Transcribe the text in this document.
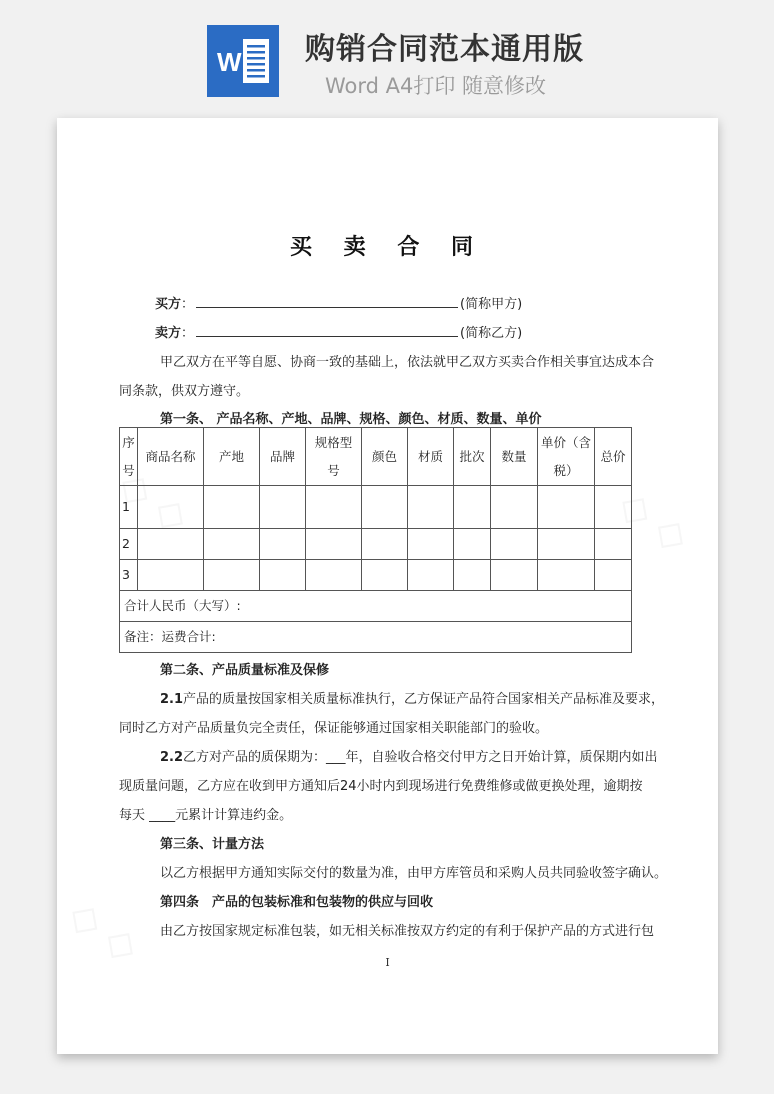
W 购销合同范本通用版
Word A4打印 随意修改
买 卖 合 同
买方：	(简称甲方)
卖方：	(简称乙方)
甲乙双方在平等自愿、协商一致的基础上，依法就甲乙双方买卖合作相关事宜达成本合
同条款，供双方遵守。
第一条、 产品名称、产地、品牌、规格、颜色、材质、数量、单价
序号	商品名称	产地	品牌	规格型号	颜色	材质	批次	数量	单价（含税）	总价
1										
2										
3										
合计人民币（大写）:										
备注：运费合计:										
第二条、产品质量标准及保修
2.1产品的质量按国家相关质量标准执行，乙方保证产品符合国家相关产品标准及要求，
同时乙方对产品质量负完全责任，保证能够通过国家相关职能部门的验收。
2.2乙方对产品的质保期为：___年，自验收合格交付甲方之日开始计算，质保期内如出
现质量问题，乙方应在收到甲方通知后24小时内到现场进行免费维修或做更换处理，逾期按
每天 ____元累计计算违约金。
第三条、计量方法
以乙方根据甲方通知实际交付的数量为准，由甲方库管员和采购人员共同验收签字确认。
第四条　产品的包装标准和包装物的供应与回收
由乙方按国家规定标准包装，如无相关标准按双方约定的有利于保护产品的方式进行包
I
